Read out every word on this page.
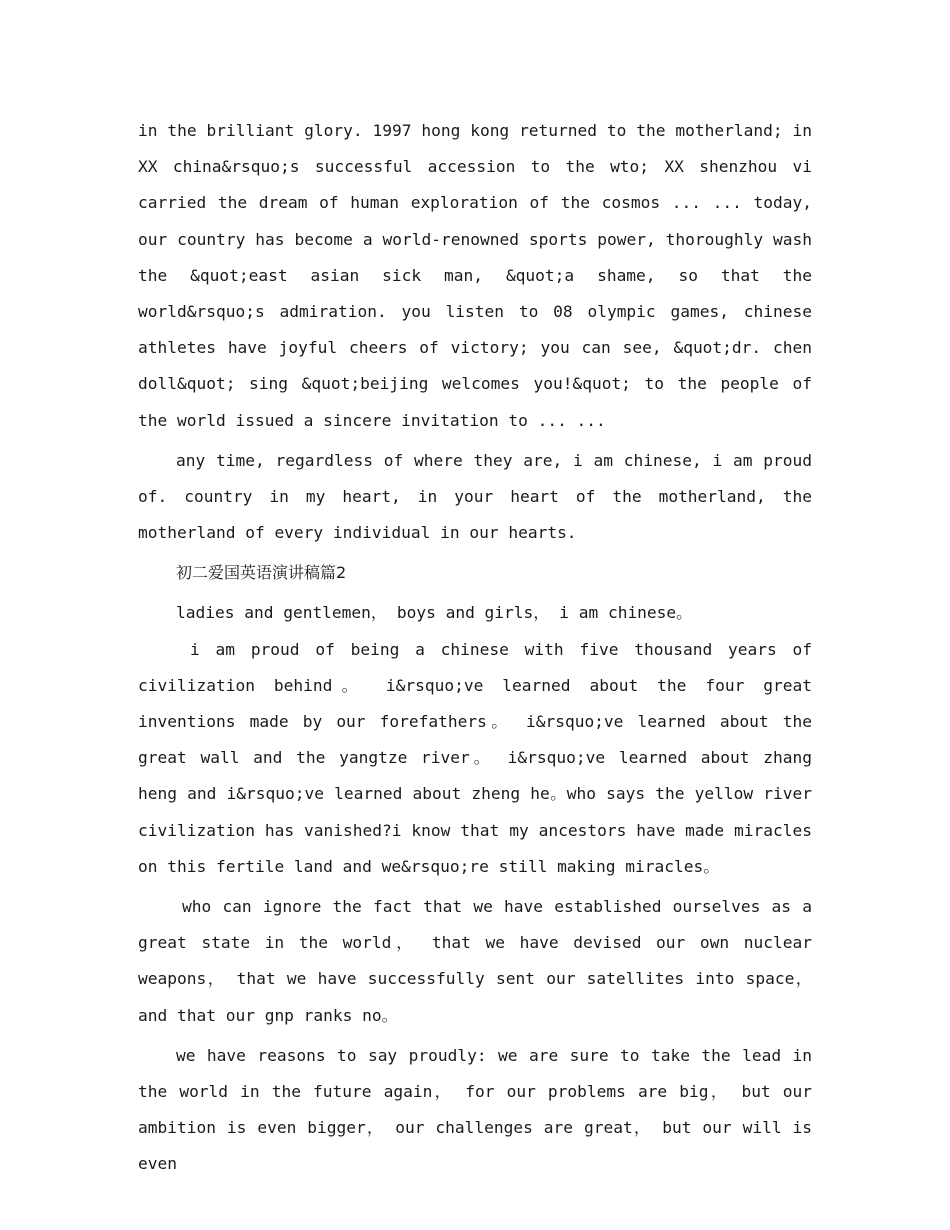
in the brilliant glory. 1997 hong kong returned to the motherland; in XX china&rsquo;s successful accession to the wto; XX shenzhou vi carried the dream of human exploration of the cosmos ... ... today, our country has become a world-renowned sports power, thoroughly wash the &quot;east asian sick man, &quot;a shame, so that the world&rsquo;s admiration. you listen to 08 olympic games, chinese athletes have joyful cheers of victory; you can see, &quot;dr. chen doll&quot; sing &quot;beijing welcomes you!&quot; to the people of the world issued a sincere invitation to ... ...

any time, regardless of where they are, i am chinese, i am proud of. country in my heart, in your heart of the motherland, the motherland of every individual in our hearts.

初二爱国英语演讲稿篇2

ladies and gentlemen， boys and girls， i am chinese。

i am proud of being a chinese with five thousand years of civilization behind。 i&rsquo;ve learned about the four great inventions made by our forefathers。 i&rsquo;ve learned about the great wall and the yangtze river。 i&rsquo;ve learned about zhang heng and i&rsquo;ve learned about zheng he。who says the yellow river civilization has vanished?i know that my ancestors have made miracles on this fertile land and we&rsquo;re still making miracles。

who can ignore the fact that we have established ourselves as a great state in the world， that we have devised our own nuclear weapons， that we have successfully sent our satellites into space， and that our gnp ranks no。

we have reasons to say proudly: we are sure to take the lead in the world in the future again， for our problems are big， but our ambition is even bigger， our challenges are great， but our will is even
